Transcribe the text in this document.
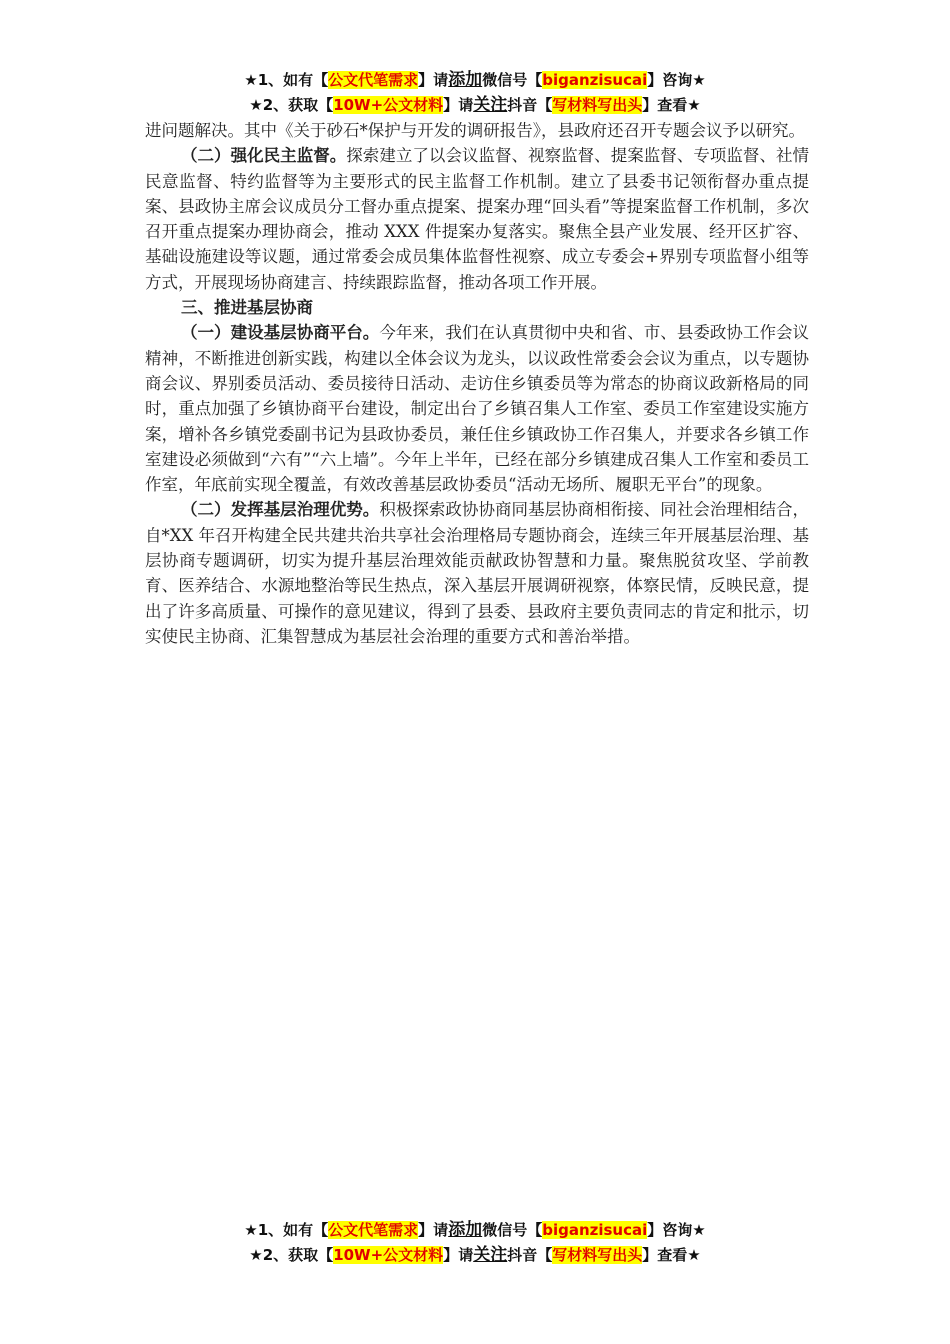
★1、如有【公文代笔需求】请添加微信号【biganzisucai】咨询★
★2、获取【10W+公文材料】请关注抖音【写材料写出头】查看★

进问题解决。其中《关于砂石*保护与开发的调研报告》，县政府还召开专题会议予以研究。

（二）强化民主监督。探索建立了以会议监督、视察监督、提案监督、专项监督、社情民意监督、特约监督等为主要形式的民主监督工作机制。建立了县委书记领衔督办重点提案、县政协主席会议成员分工督办重点提案、提案办理“回头看”等提案监督工作机制，多次召开重点提案办理协商会，推动 XXX 件提案办复落实。聚焦全县产业发展、经开区扩容、基础设施建设等议题，通过常委会成员集体监督性视察、成立专委会+界别专项监督小组等方式，开展现场协商建言、持续跟踪监督，推动各项工作开展。

三、推进基层协商

（一）建设基层协商平台。今年来，我们在认真贯彻中央和省、市、县委政协工作会议精神，不断推进创新实践，构建以全体会议为龙头，以议政性常委会会议为重点，以专题协商会议、界别委员活动、委员接待日活动、走访住乡镇委员等为常态的协商议政新格局的同时，重点加强了乡镇协商平台建设，制定出台了乡镇召集人工作室、委员工作室建设实施方案，增补各乡镇党委副书记为县政协委员，兼任住乡镇政协工作召集人，并要求各乡镇工作室建设必须做到“六有”“六上墙”。今年上半年，已经在部分乡镇建成召集人工作室和委员工作室，年底前实现全覆盖，有效改善基层政协委员“活动无场所、履职无平台”的现象。

（二）发挥基层治理优势。积极探索政协协商同基层协商相衔接、同社会治理相结合，自*XX 年召开构建全民共建共治共享社会治理格局专题协商会，连续三年开展基层治理、基层协商专题调研，切实为提升基层治理效能贡献政协智慧和力量。聚焦脱贫攻坚、学前教育、医养结合、水源地整治等民生热点，深入基层开展调研视察，体察民情，反映民意，提出了许多高质量、可操作的意见建议，得到了县委、县政府主要负责同志的肯定和批示，切实使民主协商、汇集智慧成为基层社会治理的重要方式和善治举措。

★1、如有【公文代笔需求】请添加微信号【biganzisucai】咨询★
★2、获取【10W+公文材料】请关注抖音【写材料写出头】查看★
